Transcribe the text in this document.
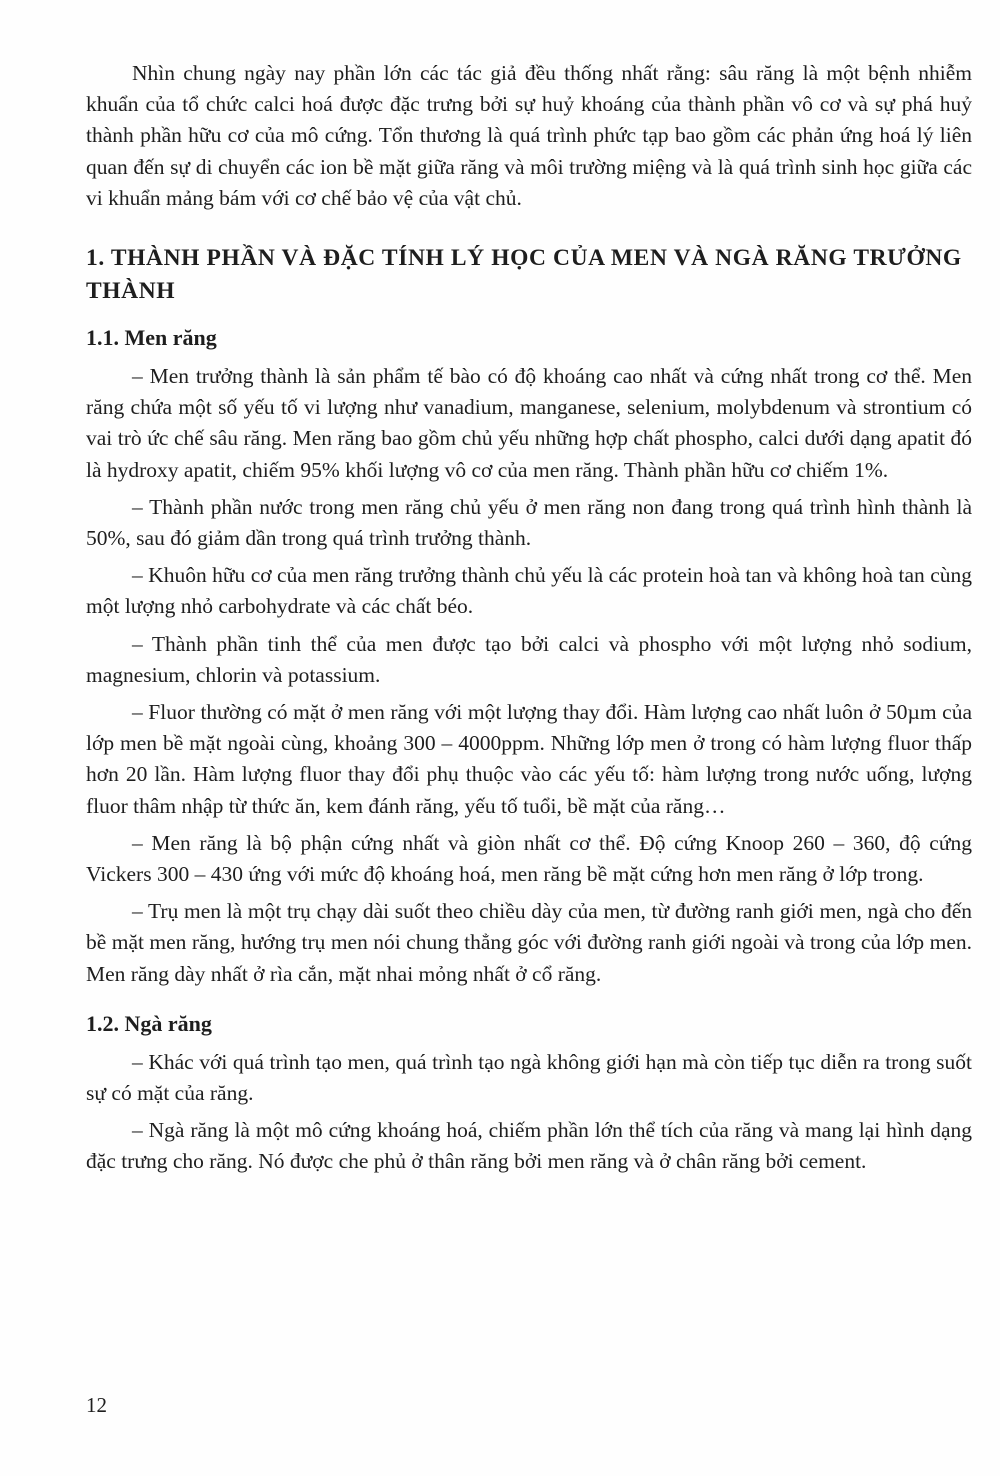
Nhìn chung ngày nay phần lớn các tác giả đều thống nhất rằng: sâu răng là một bệnh nhiễm khuẩn của tổ chức calci hoá được đặc trưng bởi sự huỷ khoáng của thành phần vô cơ và sự phá huỷ thành phần hữu cơ của mô cứng. Tổn thương là quá trình phức tạp bao gồm các phản ứng hoá lý liên quan đến sự di chuyển các ion bề mặt giữa răng và môi trường miệng và là quá trình sinh học giữa các vi khuẩn mảng bám với cơ chế bảo vệ của vật chủ.

1. THÀNH PHẦN VÀ ĐẶC TÍNH LÝ HỌC CỦA MEN VÀ NGÀ RĂNG TRƯỞNG THÀNH
1.1. Men răng

– Men trưởng thành là sản phẩm tế bào có độ khoáng cao nhất và cứng nhất trong cơ thể. Men răng chứa một số yếu tố vi lượng như vanadium, manganese, selenium, molybdenum và strontium có vai trò ức chế sâu răng. Men răng bao gồm chủ yếu những hợp chất phospho, calci dưới dạng apatit đó là hydroxy apatit, chiếm 95% khối lượng vô cơ của men răng. Thành phần hữu cơ chiếm 1%.

– Thành phần nước trong men răng chủ yếu ở men răng non đang trong quá trình hình thành là 50%, sau đó giảm dần trong quá trình trưởng thành.

– Khuôn hữu cơ của men răng trưởng thành chủ yếu là các protein hoà tan và không hoà tan cùng một lượng nhỏ carbohydrate và các chất béo.

– Thành phần tinh thể của men được tạo bởi calci và phospho với một lượng nhỏ sodium, magnesium, chlorin và potassium.

– Fluor thường có mặt ở men răng với một lượng thay đổi. Hàm lượng cao nhất luôn ở 50µm của lớp men bề mặt ngoài cùng, khoảng 300 – 4000ppm. Những lớp men ở trong có hàm lượng fluor thấp hơn 20 lần. Hàm lượng fluor thay đổi phụ thuộc vào các yếu tố: hàm lượng trong nước uống, lượng fluor thâm nhập từ thức ăn, kem đánh răng, yếu tố tuổi, bề mặt của răng…

– Men răng là bộ phận cứng nhất và giòn nhất cơ thể. Độ cứng Knoop 260 – 360, độ cứng Vickers 300 – 430 ứng với mức độ khoáng hoá, men răng bề mặt cứng hơn men răng ở lớp trong.

– Trụ men là một trụ chạy dài suốt theo chiều dày của men, từ đường ranh giới men, ngà cho đến bề mặt men răng, hướng trụ men nói chung thẳng góc với đường ranh giới ngoài và trong của lớp men. Men răng dày nhất ở rìa cắn, mặt nhai mỏng nhất ở cổ răng.

1.2. Ngà răng

– Khác với quá trình tạo men, quá trình tạo ngà không giới hạn mà còn tiếp tục diễn ra trong suốt sự có mặt của răng.

– Ngà răng là một mô cứng khoáng hoá, chiếm phần lớn thể tích của răng và mang lại hình dạng đặc trưng cho răng. Nó được che phủ ở thân răng bởi men răng và ở chân răng bởi cement.

12
